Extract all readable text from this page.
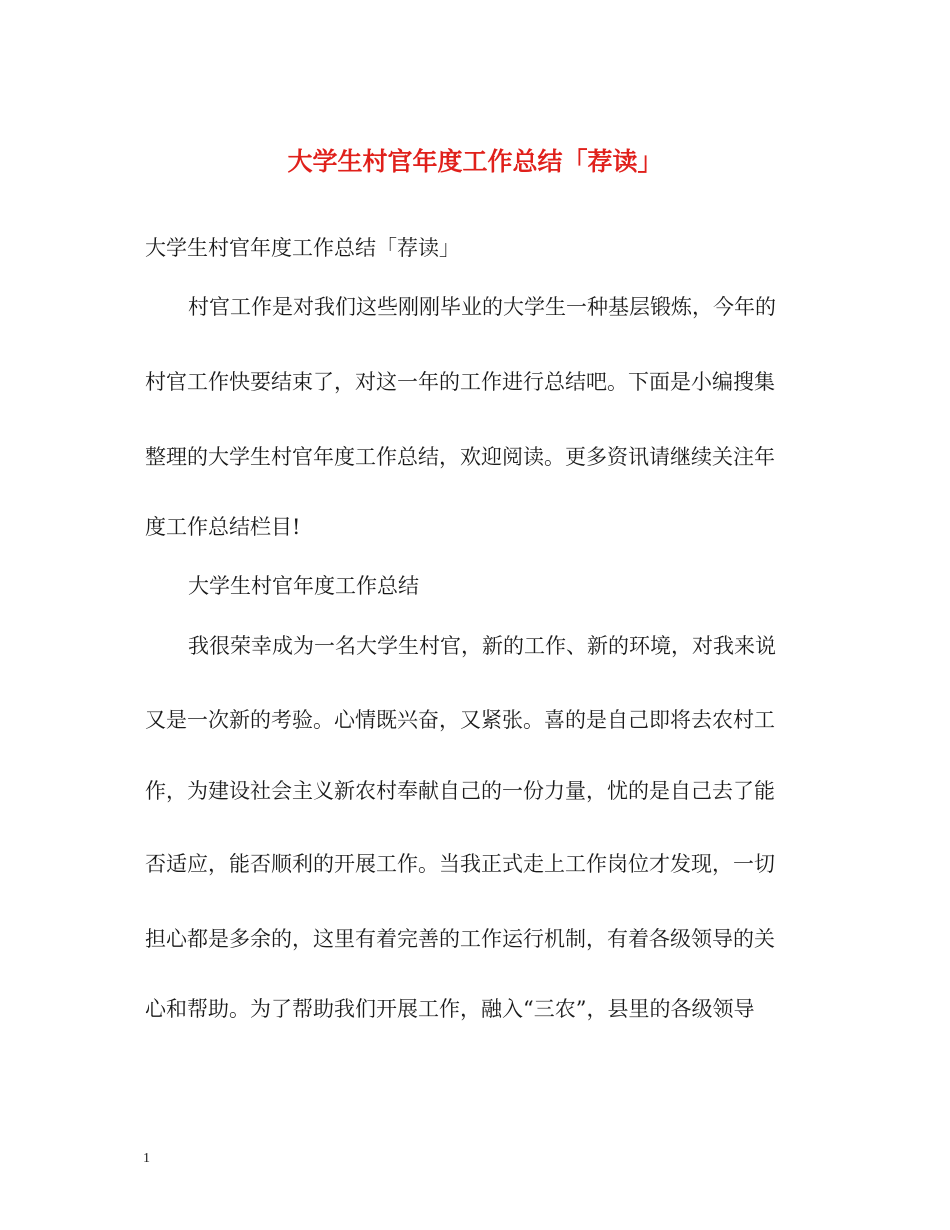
大学生村官年度工作总结「荐读」
大学生村官年度工作总结「荐读」
村官工作是对我们这些刚刚毕业的大学生一种基层锻炼，今年的
村官工作快要结束了，对这一年的工作进行总结吧。下面是小编搜集
整理的大学生村官年度工作总结，欢迎阅读。更多资讯请继续关注年
度工作总结栏目!
大学生村官年度工作总结
我很荣幸成为一名大学生村官，新的工作、新的环境，对我来说
又是一次新的考验。心情既兴奋，又紧张。喜的是自己即将去农村工
作，为建设社会主义新农村奉献自己的一份力量，忧的是自己去了能
否适应，能否顺利的开展工作。当我正式走上工作岗位才发现，一切
担心都是多余的，这里有着完善的工作运行机制，有着各级领导的关
心和帮助。为了帮助我们开展工作，融入“三农”，县里的各级领导
1
